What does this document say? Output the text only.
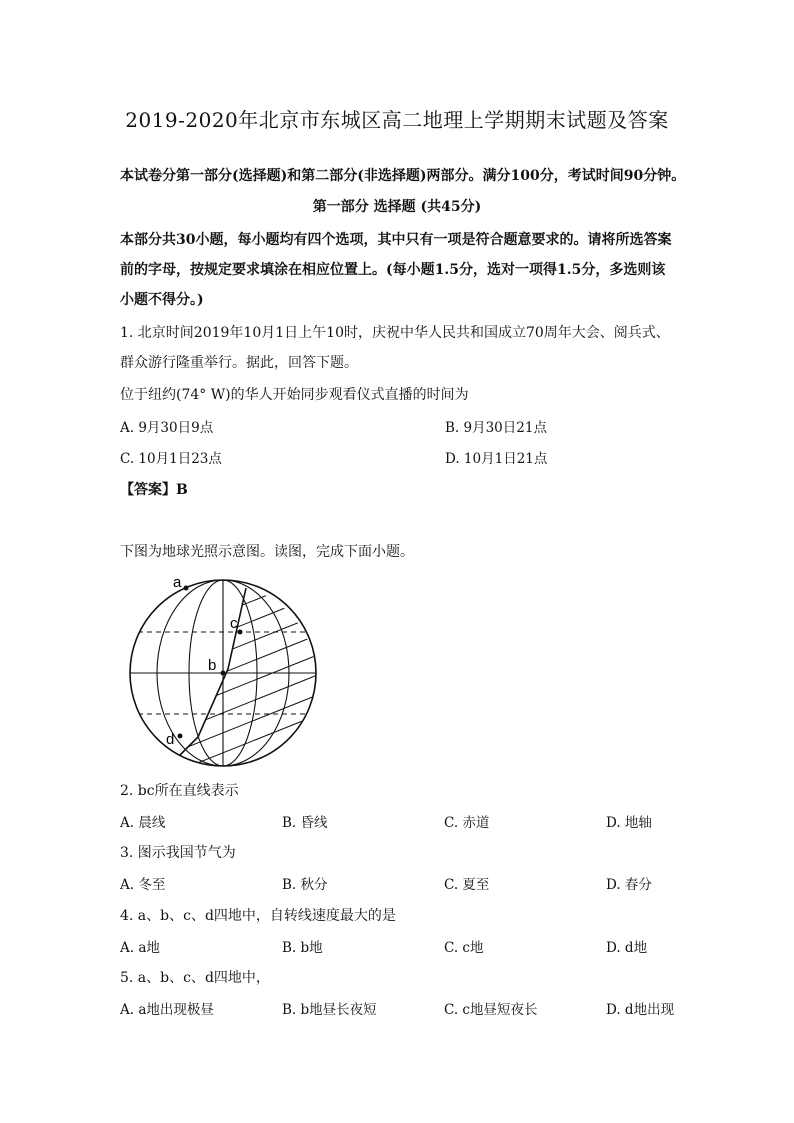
2019-2020年北京市东城区高二地理上学期期末试题及答案
本试卷分第一部分(选择题)和第二部分(非选择题)两部分。满分100分，考试时间90分钟。
第一部分 选择题 (共45分)
本部分共30小题，每小题均有四个选项，其中只有一项是符合题意要求的。请将所选答案
前的字母，按规定要求填涂在相应位置上。(每小题1.5分，选对一项得1.5分，多选则该
小题不得分。)
1. 北京时间2019年10月1日上午10时，庆祝中华人民共和国成立70周年大会、阅兵式、
群众游行隆重举行。据此，回答下题。
位于纽约(74° W)的华人开始同步观看仪式直播的时间为
A. 9月30日9点	B. 9月30日21点
C. 10月1日23点	D. 10月1日21点
【答案】B
下图为地球光照示意图。读图，完成下面小题。
a
b
c
d
2. bc所在直线表示
A. 晨线	B. 昏线	C. 赤道	D. 地轴
3. 图示我国节气为
A. 冬至	B. 秋分	C. 夏至	D. 春分
4. a、b、c、d四地中，自转线速度最大的是
A. a地	B. b地	C. c地	D. d地
5. a、b、c、d四地中，
A. a地出现极昼	B. b地昼长夜短	C. c地昼短夜长	D. d地出现
